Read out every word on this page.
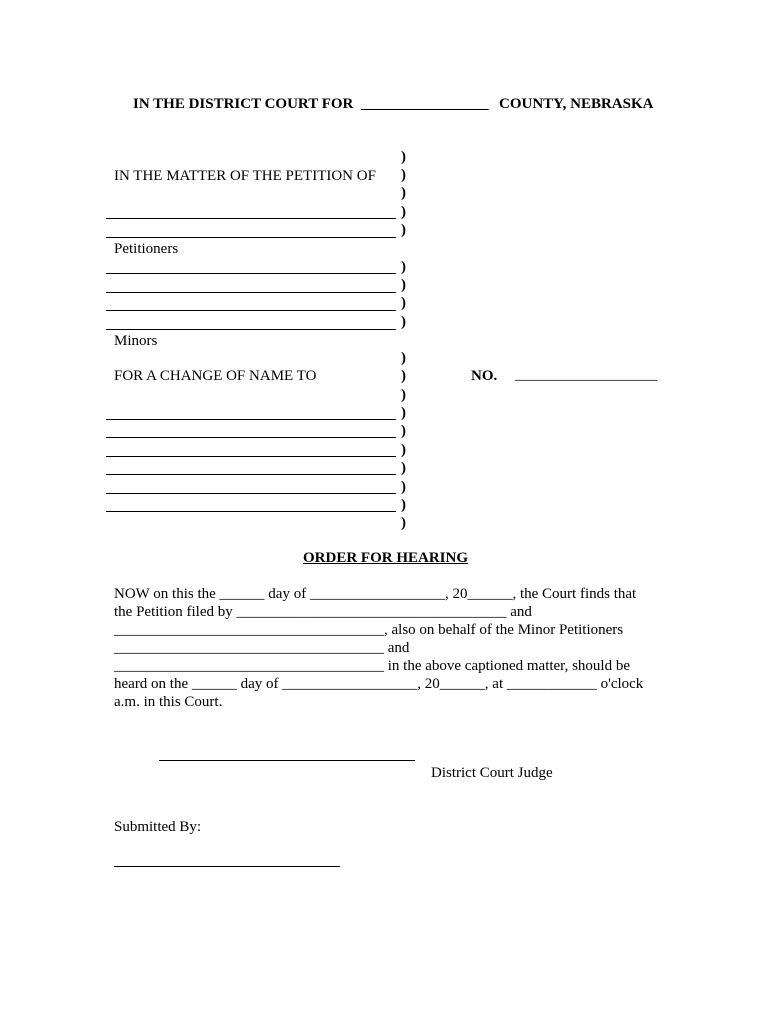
IN THE DISTRICT COURT FOR _________________ COUNTY, NEBRASKA
IN THE MATTER OF THE PETITION OF
Petitioners
Minors
FOR A CHANGE OF NAME TO
)
)
)
)
)
)
)
)
)
)
)
)
)
)
)
)
)
)
)
NO. ___________________
ORDER FOR HEARING
NOW on this the ______ day of __________________, 20______, the Court finds that
the Petition filed by ____________________________________ and
____________________________________, also on behalf of the Minor Petitioners
____________________________________ and
____________________________________ in the above captioned matter, should be
heard on the ______ day of __________________, 20______, at ____________ o'clock
a.m. in this Court.
District Court Judge
Submitted By:
